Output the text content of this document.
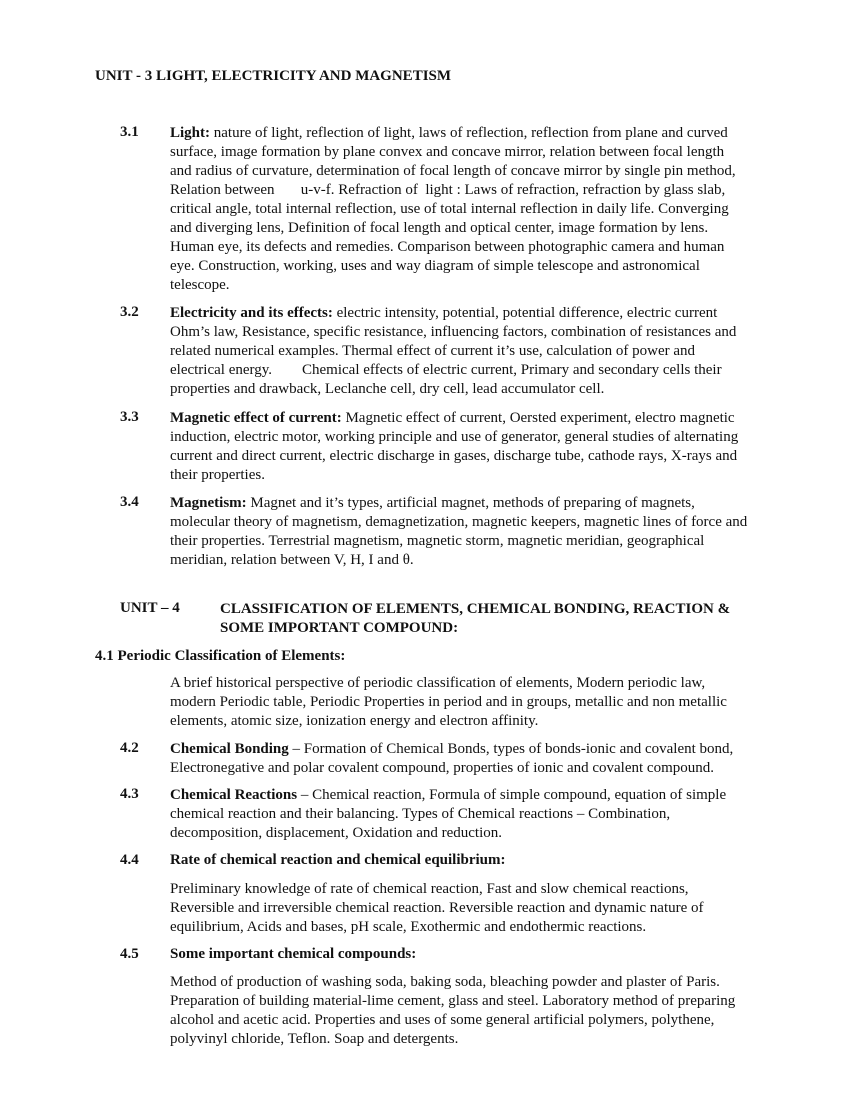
UNIT - 3 LIGHT, ELECTRICITY AND MAGNETISM
3.1 Light: nature of light, reflection of light, laws of reflection, reflection from plane and curved
surface, image formation by plane convex and concave mirror, relation between focal length
and radius of curvature, determination of focal length of concave mirror by single pin method,
Relation between       u-v-f. Refraction of  light : Laws of refraction, refraction by glass slab,
critical angle, total internal reflection, use of total internal reflection in daily life. Converging
and diverging lens, Definition of focal length and optical center, image formation by lens.
Human eye, its defects and remedies. Comparison between photographic camera and human
eye. Construction, working, uses and way diagram of simple telescope and astronomical
telescope.
3.2 Electricity and its effects: electric intensity, potential, potential difference, electric current
Ohm’s law, Resistance, specific resistance, influencing factors, combination of resistances and
related numerical examples. Thermal effect of current it’s use, calculation of power and
electrical energy.        Chemical effects of electric current, Primary and secondary cells their
properties and drawback, Leclanche cell, dry cell, lead accumulator cell.
3.3 Magnetic effect of current: Magnetic effect of current, Oersted experiment, electro magnetic
induction, electric motor, working principle and use of generator, general studies of alternating
current and direct current, electric discharge in gases, discharge tube, cathode rays, X-rays and
their properties.
3.4 Magnetism: Magnet and it’s types, artificial magnet, methods of preparing of magnets,
molecular theory of magnetism, demagnetization, magnetic keepers, magnetic lines of force and
their properties. Terrestrial magnetism, magnetic storm, magnetic meridian, geographical
meridian, relation between V, H, I and θ.
UNIT – 4	CLASSIFICATION OF ELEMENTS, CHEMICAL BONDING, REACTION &
SOME IMPORTANT COMPOUND:
4.1 Periodic Classification of Elements:
A brief historical perspective of periodic classification of elements, Modern periodic law,
modern Periodic table, Periodic Properties in period and in groups, metallic and non metallic
elements, atomic size, ionization energy and electron affinity.
4.2 Chemical Bonding – Formation of Chemical Bonds, types of bonds-ionic and covalent bond,
Electronegative and polar covalent compound, properties of ionic and covalent compound.
4.3 Chemical Reactions – Chemical reaction, Formula of simple compound, equation of simple
chemical reaction and their balancing. Types of Chemical reactions – Combination,
decomposition, displacement, Oxidation and reduction.
4.4 Rate of chemical reaction and chemical equilibrium:
Preliminary knowledge of rate of chemical reaction, Fast and slow chemical reactions,
Reversible and irreversible chemical reaction. Reversible reaction and dynamic nature of
equilibrium, Acids and bases, pH scale, Exothermic and endothermic reactions.
4.5 Some important chemical compounds:
Method of production of washing soda, baking soda, bleaching powder and plaster of Paris.
Preparation of building material-lime cement, glass and steel. Laboratory method of preparing
alcohol and acetic acid. Properties and uses of some general artificial polymers, polythene,
polyvinyl chloride, Teflon. Soap and detergents.
